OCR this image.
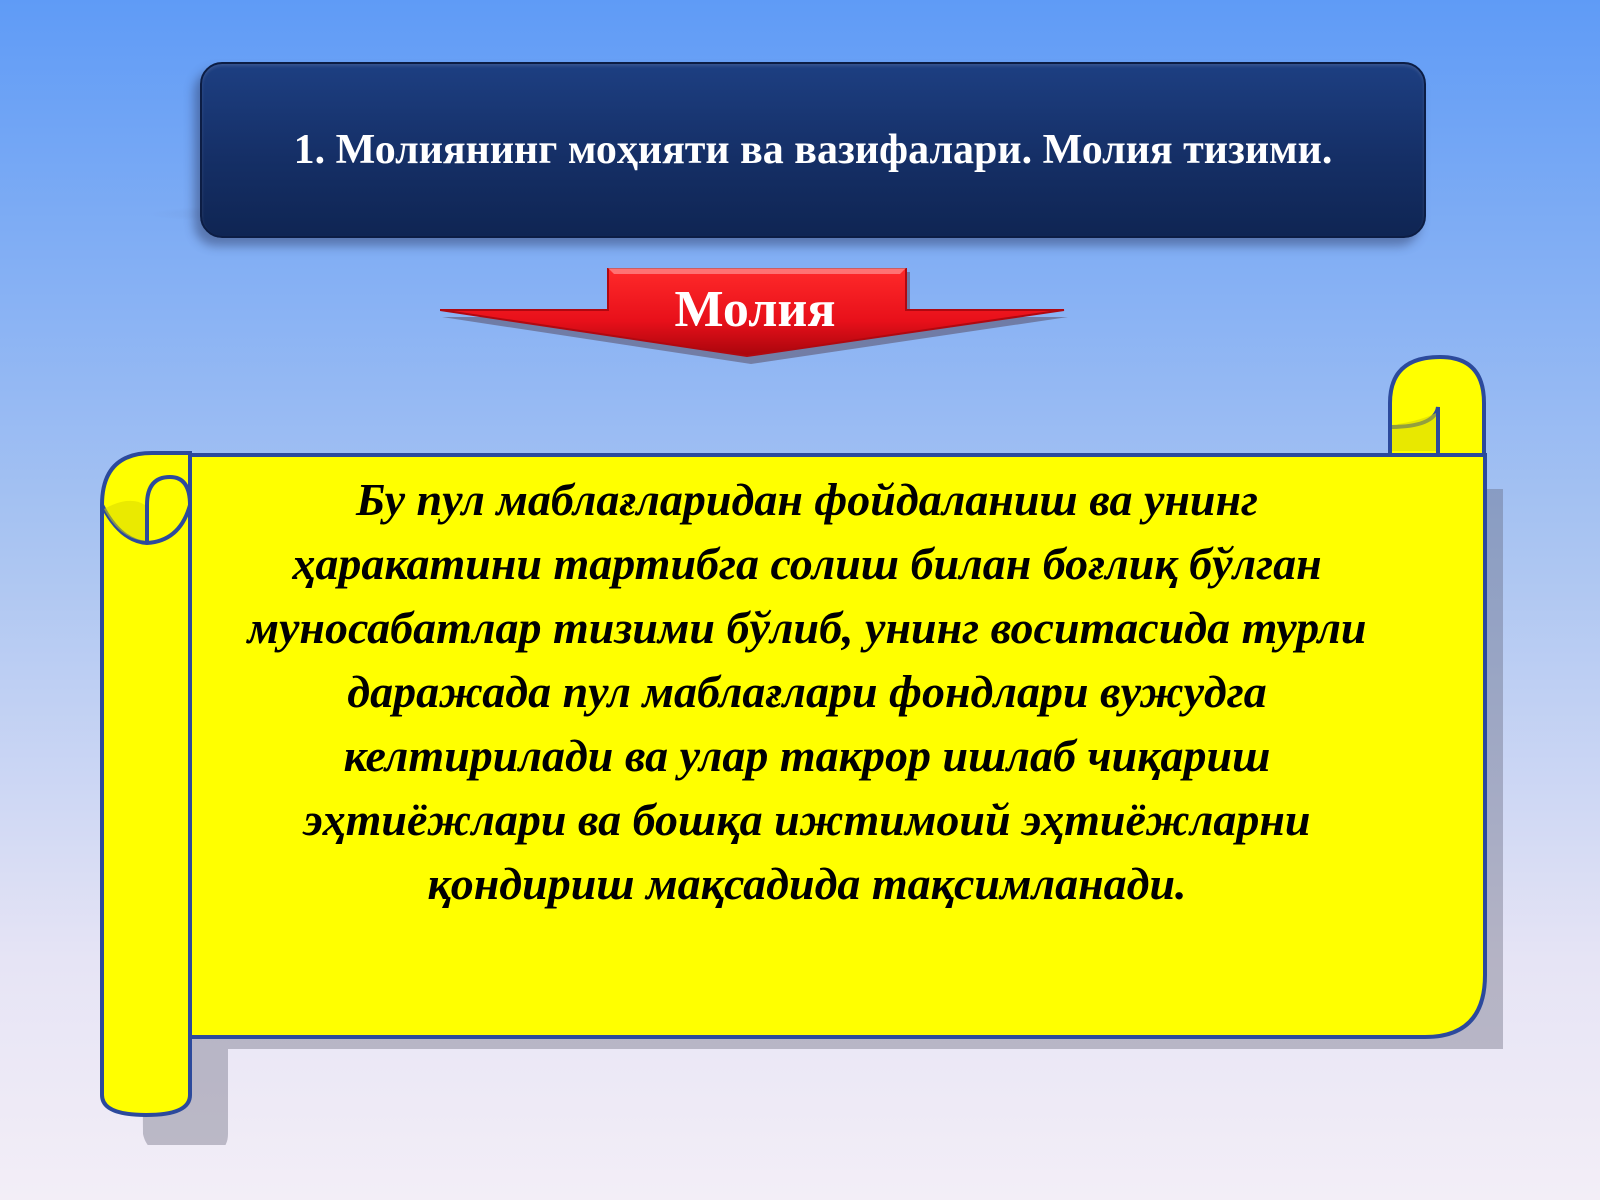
1. Молиянинг моҳияти ва вазифалари. Молия тизими.

Молия

Бу пул маблағларидан фойдаланиш ва унинг ҳаракатини тартибга солиш билан боғлиқ бўлган муносабатлар тизими бўлиб, унинг воситасида турли даражада пул маблағлари фондлари вужудга келтирилади ва улар такрор ишлаб чиқариш эҳтиёжлари ва бошқа ижтимоий эҳтиёжларни қондириш мақсадида тақсимланади.
